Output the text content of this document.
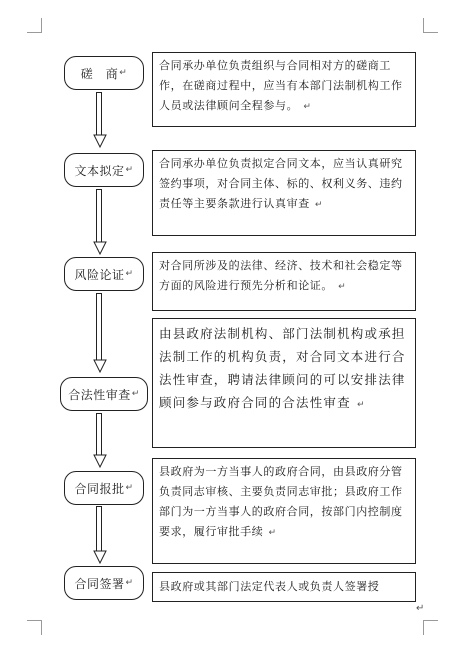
磋　商 ↵
合同承办单位负责组织与合同相对方的磋商工作，在磋商过程中，应当有本部门法制机构工作人员或法律顾问全程参与。 ↵
文本拟定 ↵	合同承办单位负责拟定合同文本，应当认真研究签约事项，对合同主体、标的、权利义务、违约责任等主要条款进行认真审查 ↵
风险论证 ↵
对合同所涉及的法律、经济、技术和社会稳定等方面的风险进行预先分析和论证。 ↵
合法性审查 ↵
由县政府法制机构、部门法制机构或承担法制工作的机构负责，对合同文本进行合法性审查，聘请法律顾问的可以安排法律顾问参与政府合同的合法性审查 ↵
合同报批 ↵
县政府为一方当事人的政府合同，由县政府分管负责同志审核、主要负责同志审批；县政府工作部门为一方当事人的政府合同，按部门内控制度要求，履行审批手续 ↵
合同签署 ↵	县政府或其部门法定代表人或负责人签署授
↵
